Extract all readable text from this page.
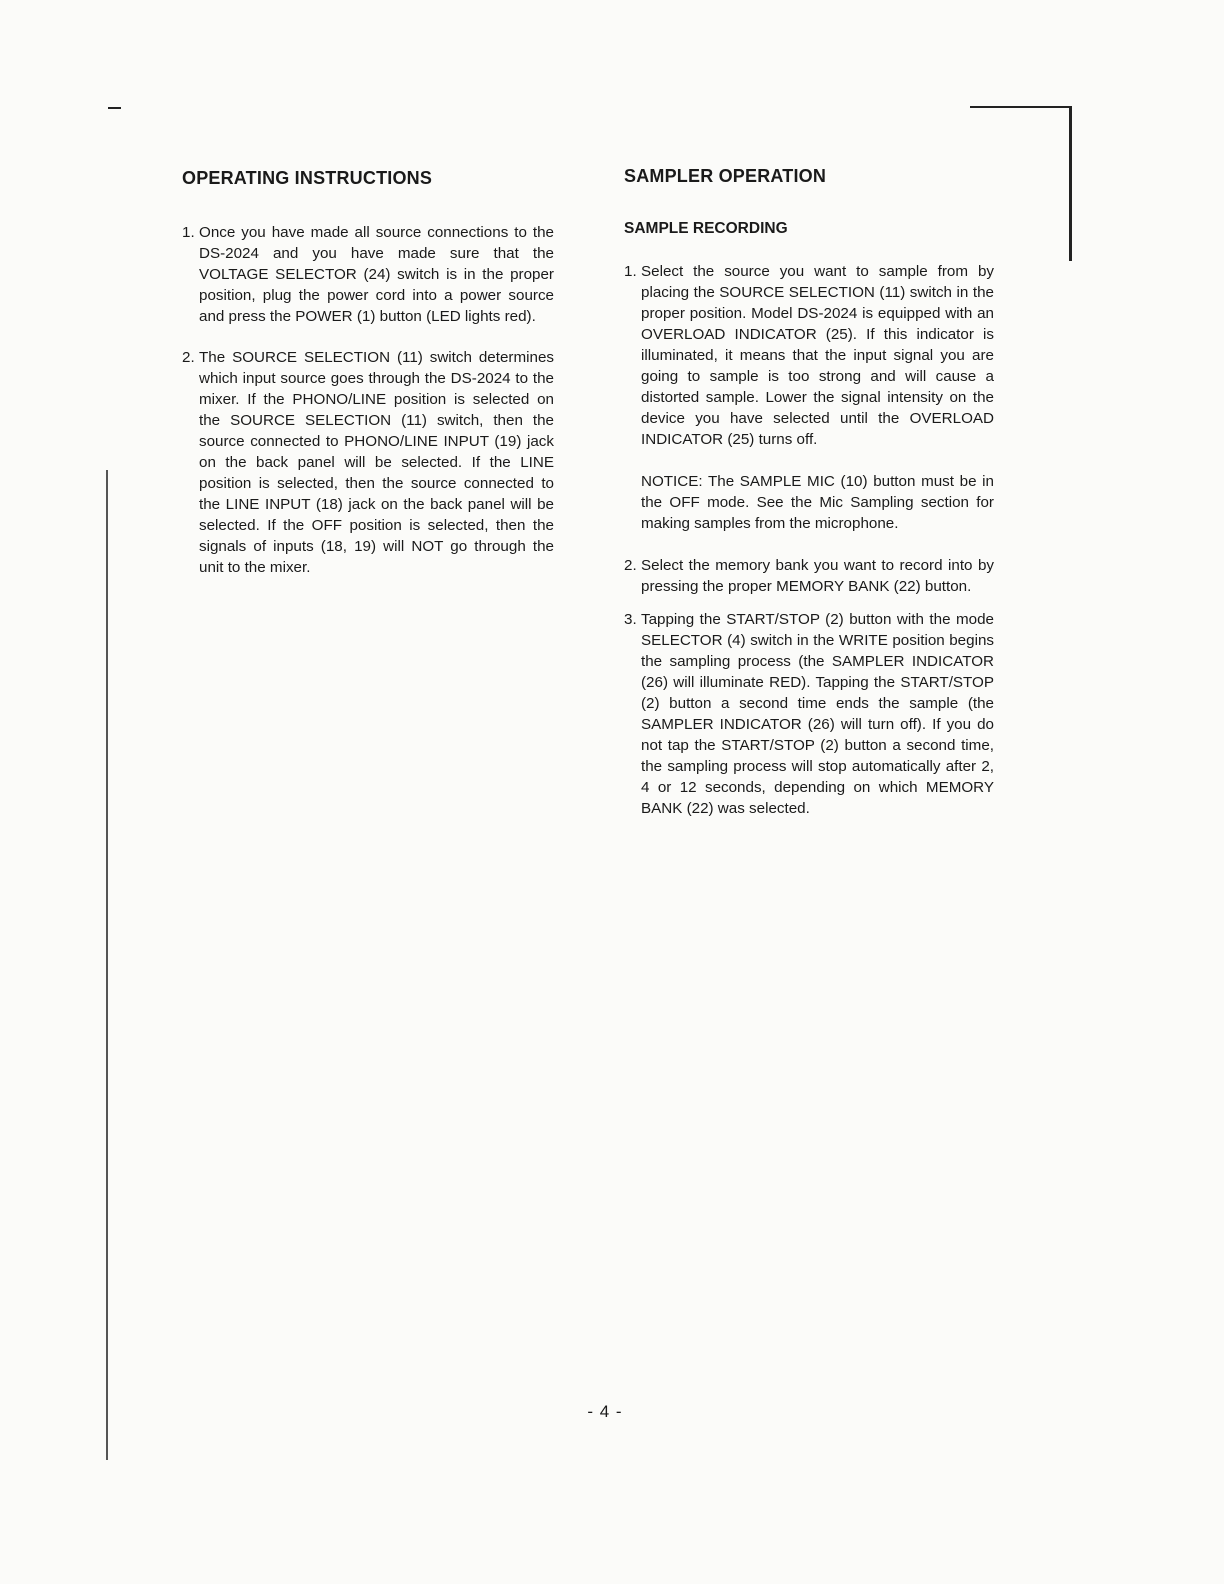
OPERATING INSTRUCTIONS
1. Once you have made all source connections to the DS-2024 and you have made sure that the VOLTAGE SELECTOR (24) switch is in the proper position, plug the power cord into a power source and press the POWER (1) button (LED lights red).
2. The SOURCE SELECTION (11) switch determines which input source goes through the DS-2024 to the mixer. If the PHONO/LINE position is selected on the SOURCE SELECTION (11) switch, then the source connected to PHONO/LINE INPUT (19) jack on the back panel will be selected. If the LINE position is selected, then the source connected to the LINE INPUT (18) jack on the back panel will be selected. If the OFF position is selected, then the signals of inputs (18, 19) will NOT go through the unit to the mixer.
SAMPLER OPERATION
SAMPLE RECORDING
1. Select the source you want to sample from by placing the SOURCE SELECTION (11) switch in the proper position. Model DS-2024 is equipped with an OVERLOAD INDICATOR (25). If this indicator is illuminated, it means that the input signal you are going to sample is too strong and will cause a distorted sample. Lower the signal intensity on the device you have selected until the OVERLOAD INDICATOR (25) turns off.

NOTICE: The SAMPLE MIC (10) button must be in the OFF mode. See the Mic Sampling section for making samples from the microphone.

2. Select the memory bank you want to record into by pressing the proper MEMORY BANK (22) button.
3. Tapping the START/STOP (2) button with the mode SELECTOR (4) switch in the WRITE position begins the sampling process (the SAMPLER INDICATOR (26) will illuminate RED). Tapping the START/STOP (2) button a second time ends the sample (the SAMPLER INDICATOR (26) will turn off). If you do not tap the START/STOP (2) button a second time, the sampling process will stop automatically after 2, 4 or 12 seconds, depending on which MEMORY BANK (22) was selected.
- 4 -
